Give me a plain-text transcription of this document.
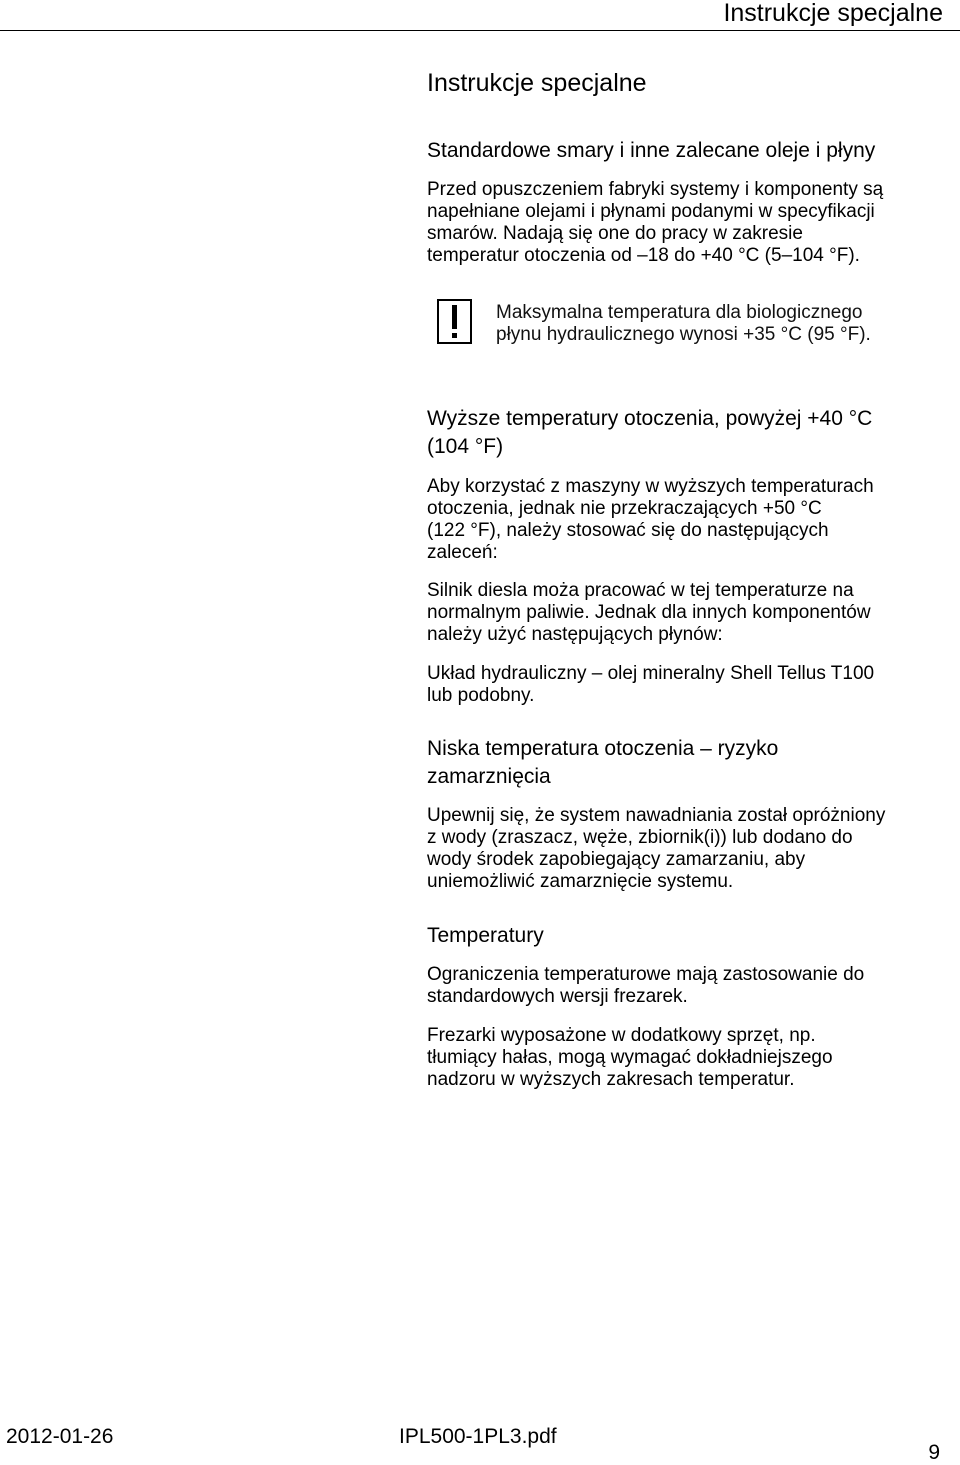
Instrukcje specjalne
Instrukcje specjalne
Standardowe smary i inne zalecane oleje i płyny
Przed opuszczeniem fabryki systemy i komponenty są
napełniane olejami i płynami podanymi w specyfikacji
smarów. Nadają się one do pracy w zakresie
temperatur otoczenia od –18 do +40 °C (5–104 °F).
Maksymalna temperatura dla biologicznego
płynu hydraulicznego wynosi +35 °C (95 °F).
Wyższe temperatury otoczenia, powyżej +40 °C
(104 °F)
Aby korzystać z maszyny w wyższych temperaturach
otoczenia, jednak nie przekraczających +50 °C
(122 °F), należy stosować się do następujących
zaleceń:
Silnik diesla moża pracować w tej temperaturze na
normalnym paliwie. Jednak dla innych komponentów
należy użyć następujących płynów:
Układ hydrauliczny – olej mineralny Shell Tellus T100
lub podobny.
Niska temperatura otoczenia – ryzyko
zamarznięcia
Upewnij się, że system nawadniania został opróżniony
z wody (zraszacz, węże, zbiornik(i)) lub dodano do
wody środek zapobiegający zamarzaniu, aby
uniemożliwić zamarznięcie systemu.
Temperatury
Ograniczenia temperaturowe mają zastosowanie do
standardowych wersji frezarek.
Frezarki wyposażone w dodatkowy sprzęt, np.
tłumiący hałas, mogą wymagać dokładniejszego
nadzoru w wyższych zakresach temperatur.
2012-01-26	IPL500-1PL3.pdf
9
